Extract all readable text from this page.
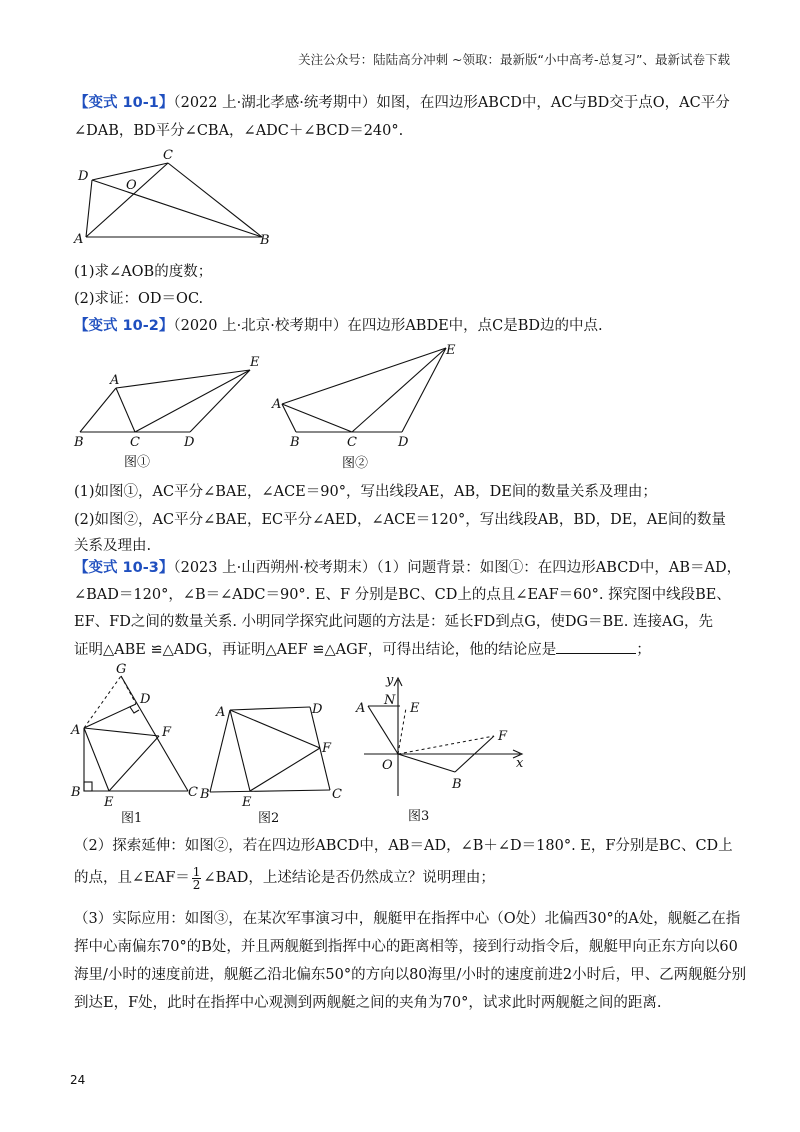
关注公众号：陆陆高分冲刺 ~领取：最新版“小中高考-总复习”、最新试卷下载
【变式 10-1】（2022 上·湖北孝感·统考期中）如图，在四边形ABCD中，AC与BD交于点O，AC平分
∠DAB，BD平分∠CBA，∠ADC＋∠BCD＝240°.
C
D
O
A	B
(1)求∠AOB的度数；
(2)求证：OD＝OC.
【变式 10-2】（2020 上·北京·校考期中）在四边形ABDE中，点C是BD边的中点.
A
E
B	C	D
图①
A
E
B	C	D
图②
(1)如图①，AC平分∠BAE，∠ACE＝90°，写出线段AE，AB，DE间的数量关系及理由；
(2)如图②，AC平分∠BAE，EC平分∠AED，∠ACE＝120°，写出线段AB，BD，DE，AE间的数量
关系及理由.
【变式 10-3】（2023 上·山西朔州·校考期末）（1）问题背景：如图①：在四边形ABCD中，AB＝AD，
∠BAD＝120°，∠B＝∠ADC＝90°. E、F 分别是BC、CD上的点且∠EAF＝60°. 探究图中线段BE、
EF、FD之间的数量关系. 小明同学探究此问题的方法是：延长FD到点G，使DG＝BE. 连接AG，先
证明△ABE ≌△ADG，再证明△AEF ≌△AGF，可得出结论，他的结论应是	；
G
D
A	F
B
E
C
图1
A	D
F
B
E
C
图2
y
N
A	E
F
O
B
x
图3
（2）探索延伸：如图②，若在四边形ABCD中，AB＝AD，∠B＋∠D＝180°. E，F分别是BC、CD上
的点，且∠EAF＝ $\frac{1}{2}$ ∠BAD，上述结论是否仍然成立？说明理由；
（3）实际应用：如图③，在某次军事演习中，舰艇甲在指挥中心（O处）北偏西30°的A处，舰艇乙在指
挥中心南偏东70°的B处，并且两舰艇到指挥中心的距离相等，接到行动指令后，舰艇甲向正东方向以60
海里/小时的速度前进，舰艇乙沿北偏东50°的方向以80海里/小时的速度前进2小时后，甲、乙两舰艇分别
到达E，F处，此时在指挥中心观测到两舰艇之间的夹角为70°，试求此时两舰艇之间的距离.
24
